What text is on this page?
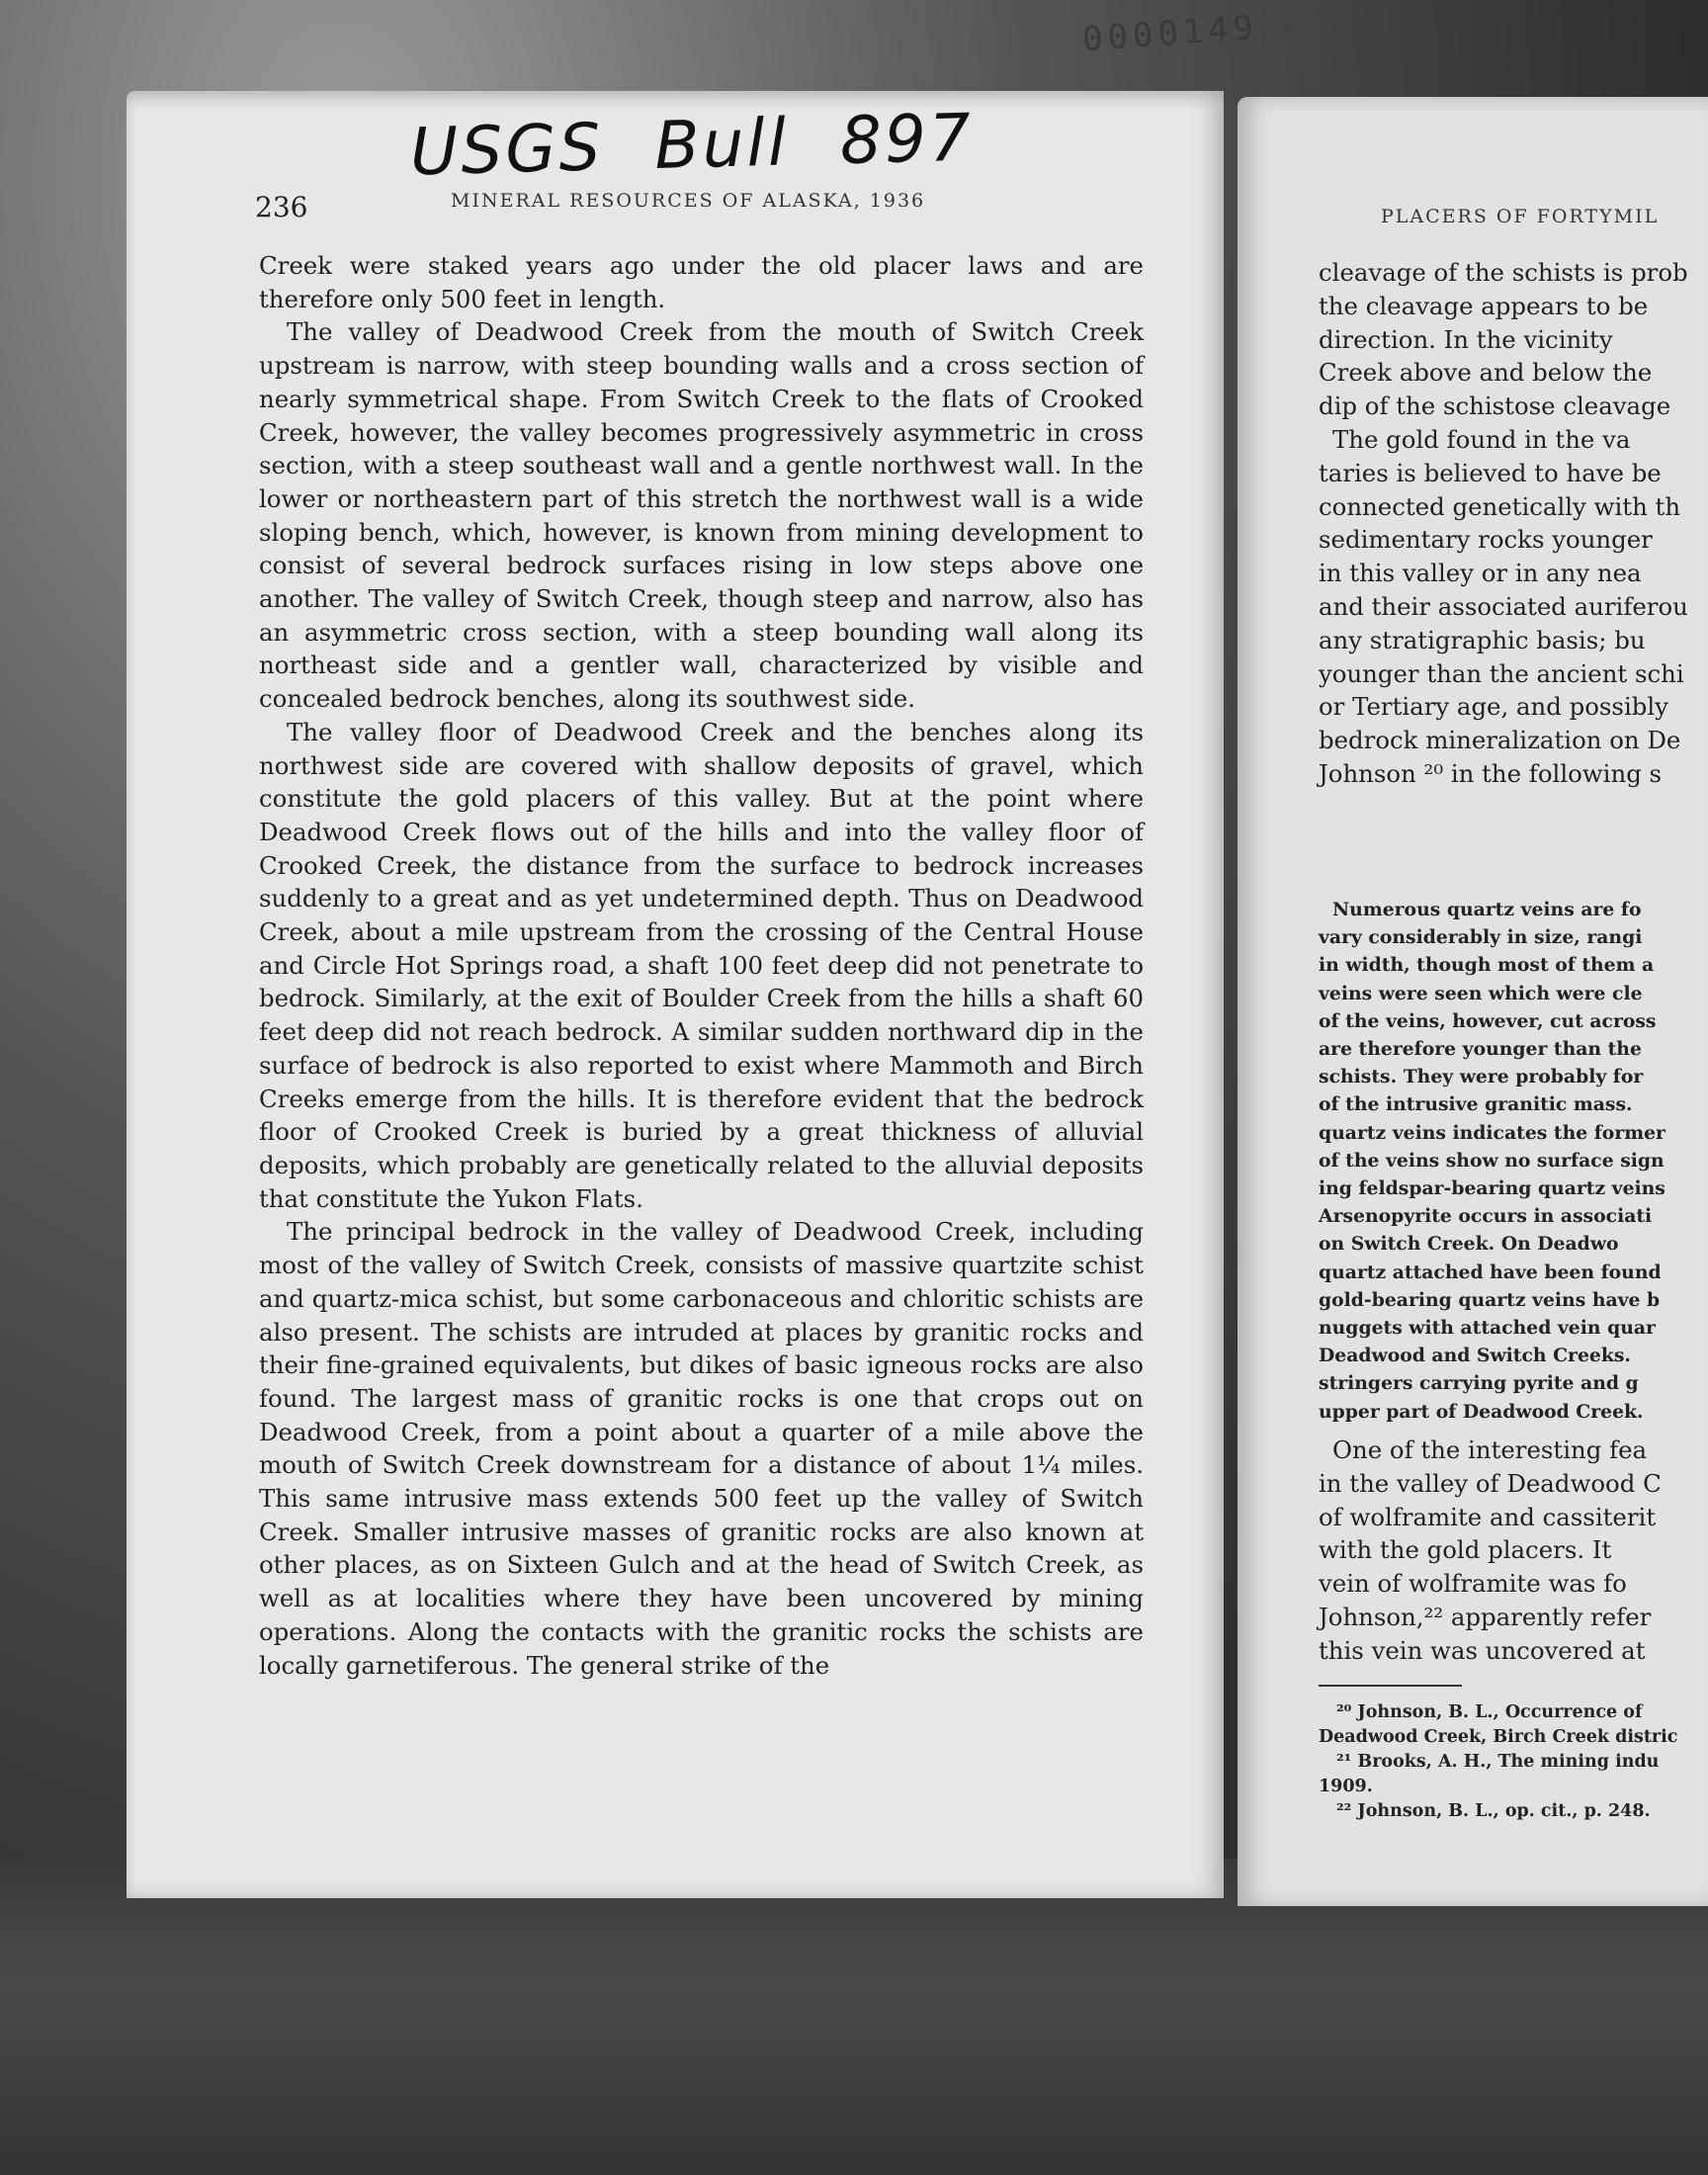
0000149
USGS Bull 897
236	MINERAL RESOURCES OF ALASKA, 1936

Creek were staked years ago under the old placer laws and are therefore only 500 feet in length.

The valley of Deadwood Creek from the mouth of Switch Creek upstream is narrow, with steep bounding walls and a cross section of nearly symmetrical shape. From Switch Creek to the flats of Crooked Creek, however, the valley becomes progressively asymmetric in cross section, with a steep southeast wall and a gentle northwest wall. In the lower or northeastern part of this stretch the northwest wall is a wide sloping bench, which, however, is known from mining development to consist of several bedrock surfaces rising in low steps above one another. The valley of Switch Creek, though steep and narrow, also has an asymmetric cross section, with a steep bounding wall along its northeast side and a gentler wall, characterized by visible and concealed bedrock benches, along its southwest side.

The valley floor of Deadwood Creek and the benches along its northwest side are covered with shallow deposits of gravel, which constitute the gold placers of this valley. But at the point where Deadwood Creek flows out of the hills and into the valley floor of Crooked Creek, the distance from the surface to bedrock increases suddenly to a great and as yet undetermined depth. Thus on Deadwood Creek, about a mile upstream from the crossing of the Central House and Circle Hot Springs road, a shaft 100 feet deep did not penetrate to bedrock. Similarly, at the exit of Boulder Creek from the hills a shaft 60 feet deep did not reach bedrock. A similar sudden northward dip in the surface of bedrock is also reported to exist where Mammoth and Birch Creeks emerge from the hills. It is therefore evident that the bedrock floor of Crooked Creek is buried by a great thickness of alluvial deposits, which probably are genetically related to the alluvial deposits that constitute the Yukon Flats.

The principal bedrock in the valley of Deadwood Creek, including most of the valley of Switch Creek, consists of massive quartzite schist and quartz-mica schist, but some carbonaceous and chloritic schists are also present. The schists are intruded at places by granitic rocks and their fine-grained equivalents, but dikes of basic igneous rocks are also found. The largest mass of granitic rocks is one that crops out on Deadwood Creek, from a point about a quarter of a mile above the mouth of Switch Creek downstream for a distance of about 1¼ miles. This same intrusive mass extends 500 feet up the valley of Switch Creek. Smaller intrusive masses of granitic rocks are also known at other places, as on Sixteen Gulch and at the head of Switch Creek, as well as at localities where they have been uncovered by mining operations. Along the contacts with the granitic rocks the schists are locally garnetiferous. The general strike of the

PLACERS OF FORTYMIL
cleavage of the schists is prob
the cleavage appears to be
direction. In the vicinity
Creek above and below the
dip of the schistose cleavage
The gold found in the va
taries is believed to have be
connected genetically with th
sedimentary rocks younger
in this valley or in any nea
and their associated auriferou
any stratigraphic basis; bu
younger than the ancient schi
or Tertiary age, and possibly
bedrock mineralization on De
Johnson ²⁰ in the following s
Numerous quartz veins are fo
vary considerably in size, rangi
in width, though most of them a
veins were seen which were cle
of the veins, however, cut across
are therefore younger than the
schists. They were probably for
of the intrusive granitic mass.
quartz veins indicates the former
of the veins show no surface sign
ing feldspar-bearing quartz veins
Arsenopyrite occurs in associati
on Switch Creek. On Deadwo
quartz attached have been found
gold-bearing quartz veins have b
nuggets with attached vein quar
Deadwood and Switch Creeks.
stringers carrying pyrite and g
upper part of Deadwood Creek.
One of the interesting fea
in the valley of Deadwood C
of wolframite and cassiterit
with the gold placers. It
vein of wolframite was fo
Johnson,²² apparently refer
this vein was uncovered at
²⁰ Johnson, B. L., Occurrence of
Deadwood Creek, Birch Creek distric
²¹ Brooks, A. H., The mining indu
1909.
²² Johnson, B. L., op. cit., p. 248.
